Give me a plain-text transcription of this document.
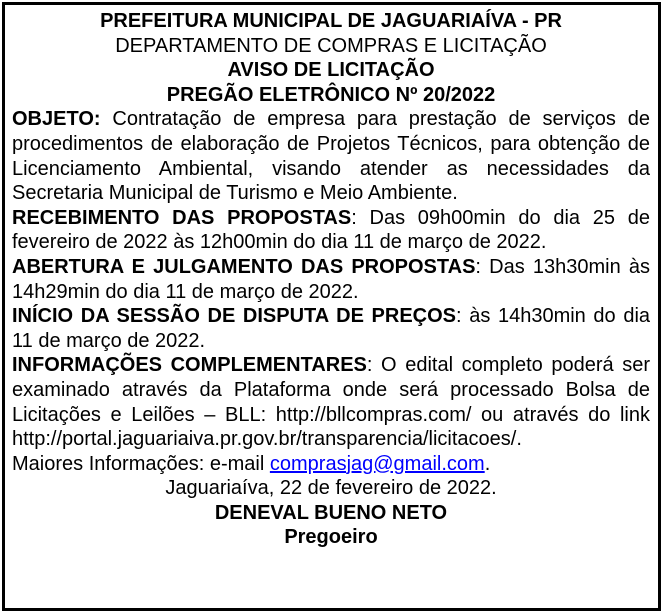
PREFEITURA MUNICIPAL DE JAGUARIAÍVA - PR
DEPARTAMENTO DE COMPRAS E LICITAÇÃO
AVISO DE LICITAÇÃO
PREGÃO ELETRÔNICO Nº 20/2022

OBJETO: Contratação de empresa para prestação de serviços de procedimentos de elaboração de Projetos Técnicos, para obtenção de Licenciamento Ambiental, visando atender as necessidades da Secretaria Municipal de Turismo e Meio Ambiente.

RECEBIMENTO DAS PROPOSTAS: Das 09h00min do dia 25 de fevereiro de 2022 às 12h00min do dia 11 de março de 2022.

ABERTURA E JULGAMENTO DAS PROPOSTAS: Das 13h30min às 14h29min do dia 11 de março de 2022.

INÍCIO DA SESSÃO DE DISPUTA DE PREÇOS: às 14h30min do dia 11 de março de 2022.

INFORMAÇÕES COMPLEMENTARES: O edital completo poderá ser examinado através da Plataforma onde será processado Bolsa de Licitações e Leilões – BLL: http://bllcompras.com/ ou através do link http://portal.jaguariaiva.pr.gov.br/transparencia/licitacoes/.

Maiores Informações: e-mail comprasjag@gmail.com.

Jaguariaíva, 22 de fevereiro de 2022.
DENEVAL BUENO NETO
Pregoeiro
